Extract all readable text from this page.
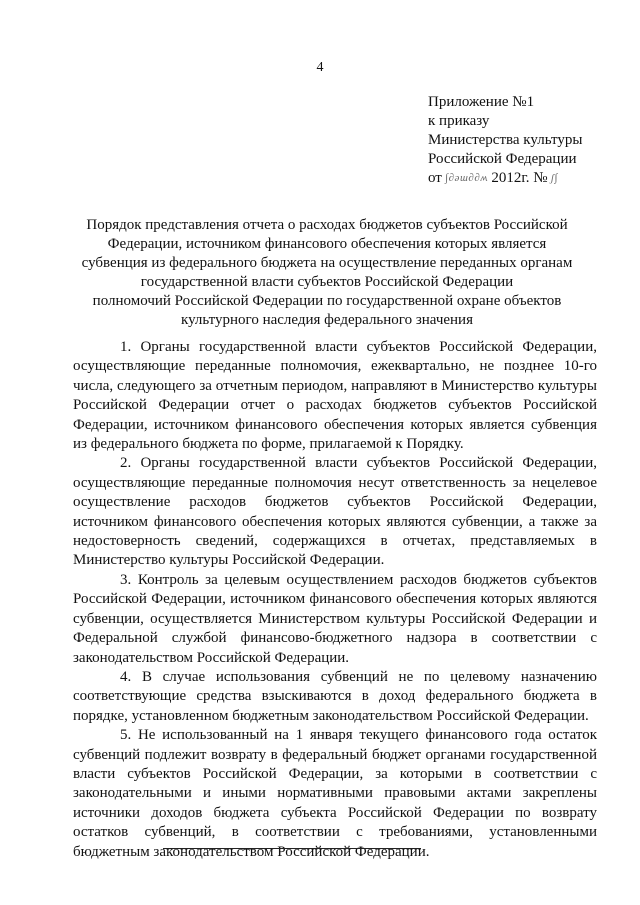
4
Приложение №1
к приказу
Министерства культуры
Российской Федерации
от ∫∂ǝɯ∂∂ʍ 2012г. № ʃ∫
Порядок представления отчета о расходах бюджетов субъектов Российской
Федерации, источником финансового обеспечения которых является
субвенция из федерального бюджета на осуществление переданных органам
государственной власти субъектов Российской Федерации
полномочий Российской Федерации по государственной охране объектов
культурного наследия федерального значения

1. Органы государственной власти субъектов Российской Федерации, осуществляющие переданные полномочия, ежеквартально, не позднее 10-го числа, следующего за отчетным периодом, направляют в Министерство культуры Российской Федерации отчет о расходах бюджетов субъектов Российской Федерации, источником финансового обеспечения которых является субвенция из федерального бюджета по форме, прилагаемой к Порядку.

2. Органы государственной власти субъектов Российской Федерации, осуществляющие переданные полномочия несут ответственность за нецелевое осуществление расходов бюджетов субъектов Российской Федерации, источником финансового обеспечения которых являются субвенции, а также за недостоверность сведений, содержащихся в отчетах, представляемых в Министерство культуры Российской Федерации.

3. Контроль за целевым осуществлением расходов бюджетов субъектов Российской Федерации, источником финансового обеспечения которых являются субвенции, осуществляется Министерством культуры Российской Федерации и Федеральной службой финансово-бюджетного надзора в соответствии с законодательством Российской Федерации.

4. В случае использования субвенций не по целевому назначению соответствующие средства взыскиваются в доход федерального бюджета в порядке, установленном бюджетным законодательством Российской Федерации.

5. Не использованный на 1 января текущего финансового года остаток субвенций подлежит возврату в федеральный бюджет органами государственной власти субъектов Российской Федерации, за которыми в соответствии с законодательными и иными нормативными правовыми актами закреплены источники доходов бюджета субъекта Российской Федерации по возврату остатков субвенций, в соответствии с требованиями, установленными бюджетным законодательством Российской Федерации.
